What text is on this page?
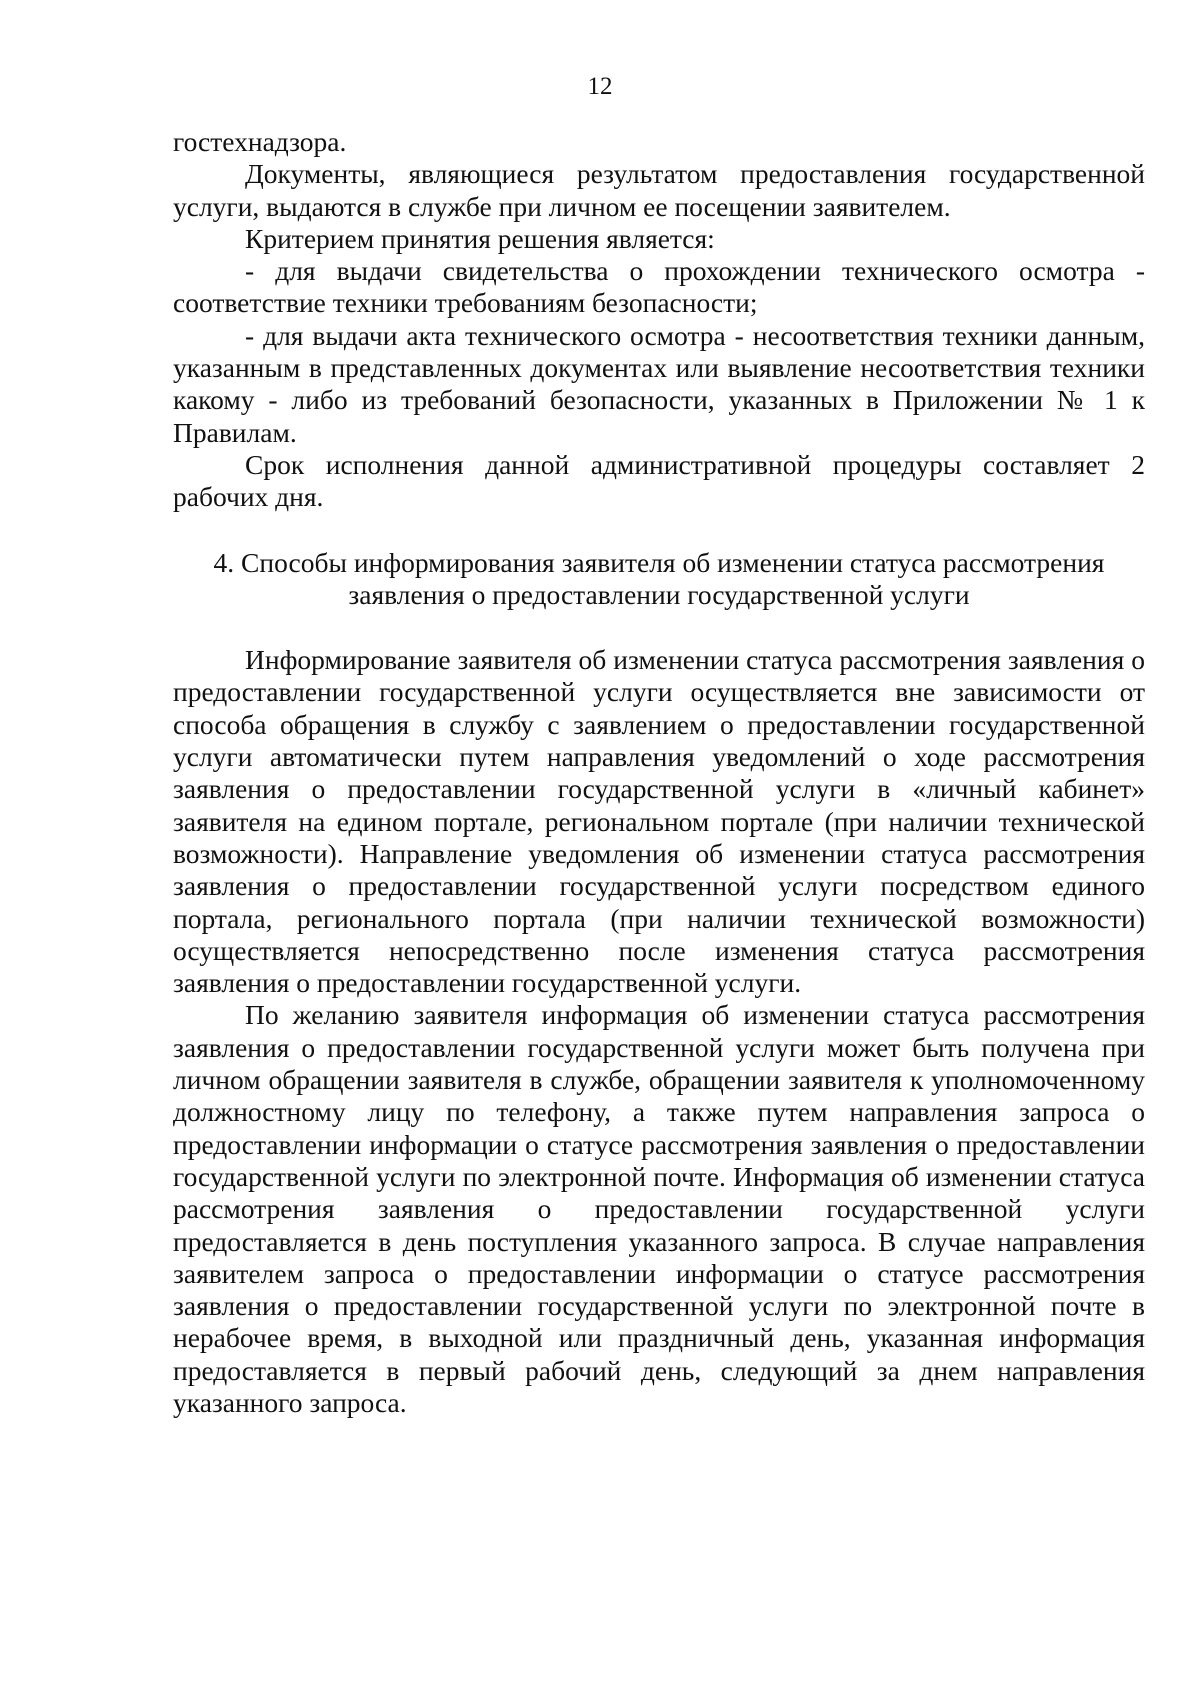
12

гостехнадзора.

Документы, являющиеся результатом предоставления государственной услуги, выдаются в службе при личном ее посещении заявителем.

Критерием принятия решения является:

- для выдачи свидетельства о прохождении технического осмотра - соответствие техники требованиям безопасности;

- для выдачи акта технического осмотра - несоответствия техники данным, указанным в представленных документах или выявление несоответствия техники какому - либо из требований безопасности, указанных в Приложении № 1 к Правилам.

Срок исполнения данной административной процедуры составляет 2 рабочих дня.

4. Способы информирования заявителя об изменении статуса рассмотрения заявления о предоставлении государственной услуги

Информирование заявителя об изменении статуса рассмотрения заявления о предоставлении государственной услуги осуществляется вне зависимости от способа обращения в службу с заявлением о предоставлении государственной услуги автоматически путем направления уведомлений о ходе рассмотрения заявления о предоставлении государственной услуги в «личный кабинет» заявителя на едином портале, региональном портале (при наличии технической возможности). Направление уведомления об изменении статуса рассмотрения заявления о предоставлении государственной услуги посредством единого портала, регионального портала (при наличии технической возможности) осуществляется непосредственно после изменения статуса рассмотрения заявления о предоставлении государственной услуги.

По желанию заявителя информация об изменении статуса рассмотрения заявления о предоставлении государственной услуги может быть получена при личном обращении заявителя в службе, обращении заявителя к уполномоченному должностному лицу по телефону, а также путем направления запроса о предоставлении информации о статусе рассмотрения заявления о предоставлении государственной услуги по электронной почте. Информация об изменении статуса рассмотрения заявления о предоставлении государственной услуги предоставляется в день поступления указанного запроса. В случае направления заявителем запроса о предоставлении информации о статусе рассмотрения заявления о предоставлении государственной услуги по электронной почте в нерабочее время, в выходной или праздничный день, указанная информация предоставляется в первый рабочий день, следующий за днем направления указанного запроса.
